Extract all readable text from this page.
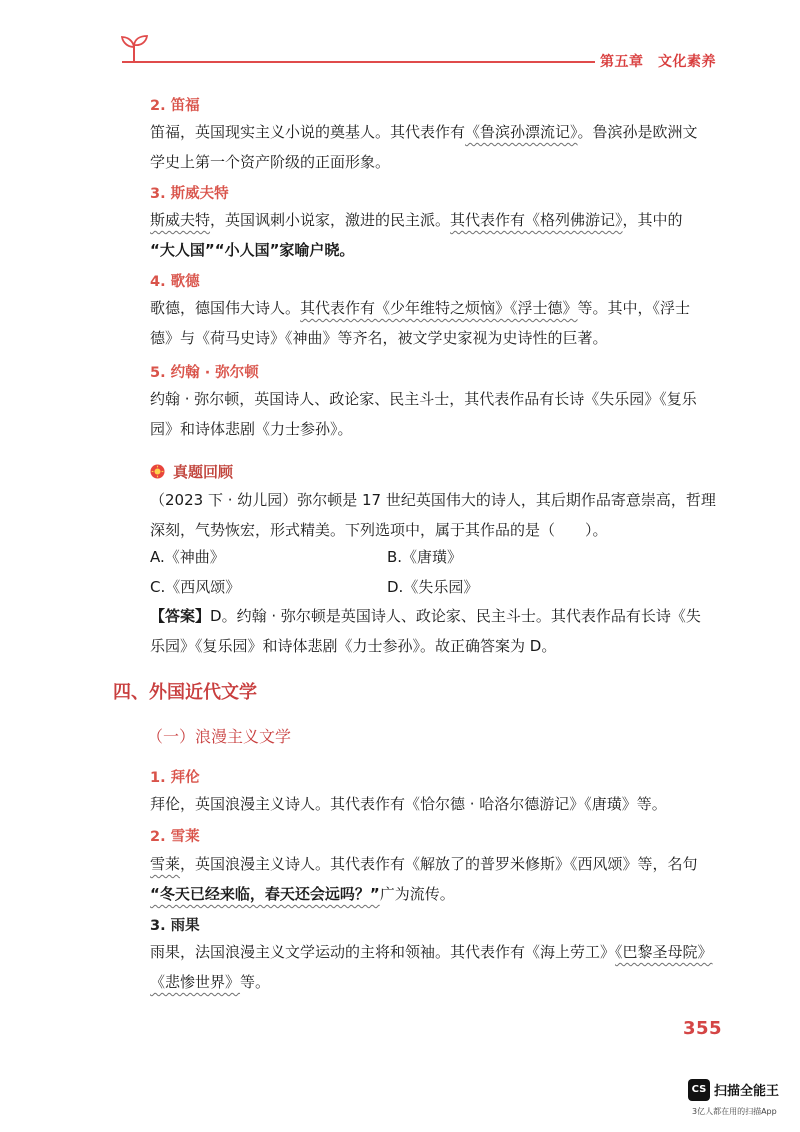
第五章　文化素养
2. 笛福
笛福，英国现实主义小说的奠基人。其代表作有《鲁滨孙漂流记》。鲁滨孙是欧洲文
学史上第一个资产阶级的正面形象。
3. 斯威夫特
斯威夫特，英国讽刺小说家，激进的民主派。其代表作有《格列佛游记》，其中的
“大人国”“小人国”家喻户晓。
4. 歌德
歌德，德国伟大诗人。其代表作有《少年维特之烦恼》《浮士德》等。其中，《浮士
德》与《荷马史诗》《神曲》等齐名，被文学史家视为史诗性的巨著。
5. 约翰 · 弥尔顿
约翰 · 弥尔顿，英国诗人、政论家、民主斗士，其代表作品有长诗《失乐园》《复乐
园》和诗体悲剧《力士参孙》。
真题回顾
（2023 下 · 幼儿园）弥尔顿是 17 世纪英国伟大的诗人，其后期作品寄意崇高，哲理
深刻，气势恢宏，形式精美。下列选项中，属于其作品的是（　　）。
A.《神曲》	B.《唐璜》
C.《西风颂》	D.《失乐园》
【答案】D。约翰 · 弥尔顿是英国诗人、政论家、民主斗士。其代表作品有长诗《失
乐园》《复乐园》和诗体悲剧《力士参孙》。故正确答案为 D。
四、外国近代文学
（一）浪漫主义文学
1. 拜伦
拜伦，英国浪漫主义诗人。其代表作有《恰尔德 · 哈洛尔德游记》《唐璜》等。
2. 雪莱
雪莱，英国浪漫主义诗人。其代表作有《解放了的普罗米修斯》《西风颂》等，名句
“冬天已经来临，春天还会远吗？”广为流传。
3. 雨果
雨果，法国浪漫主义文学运动的主将和领袖。其代表作有《海上劳工》《巴黎圣母院》
《悲惨世界》等。
355
CS 扫描全能王
3亿人都在用的扫描App
